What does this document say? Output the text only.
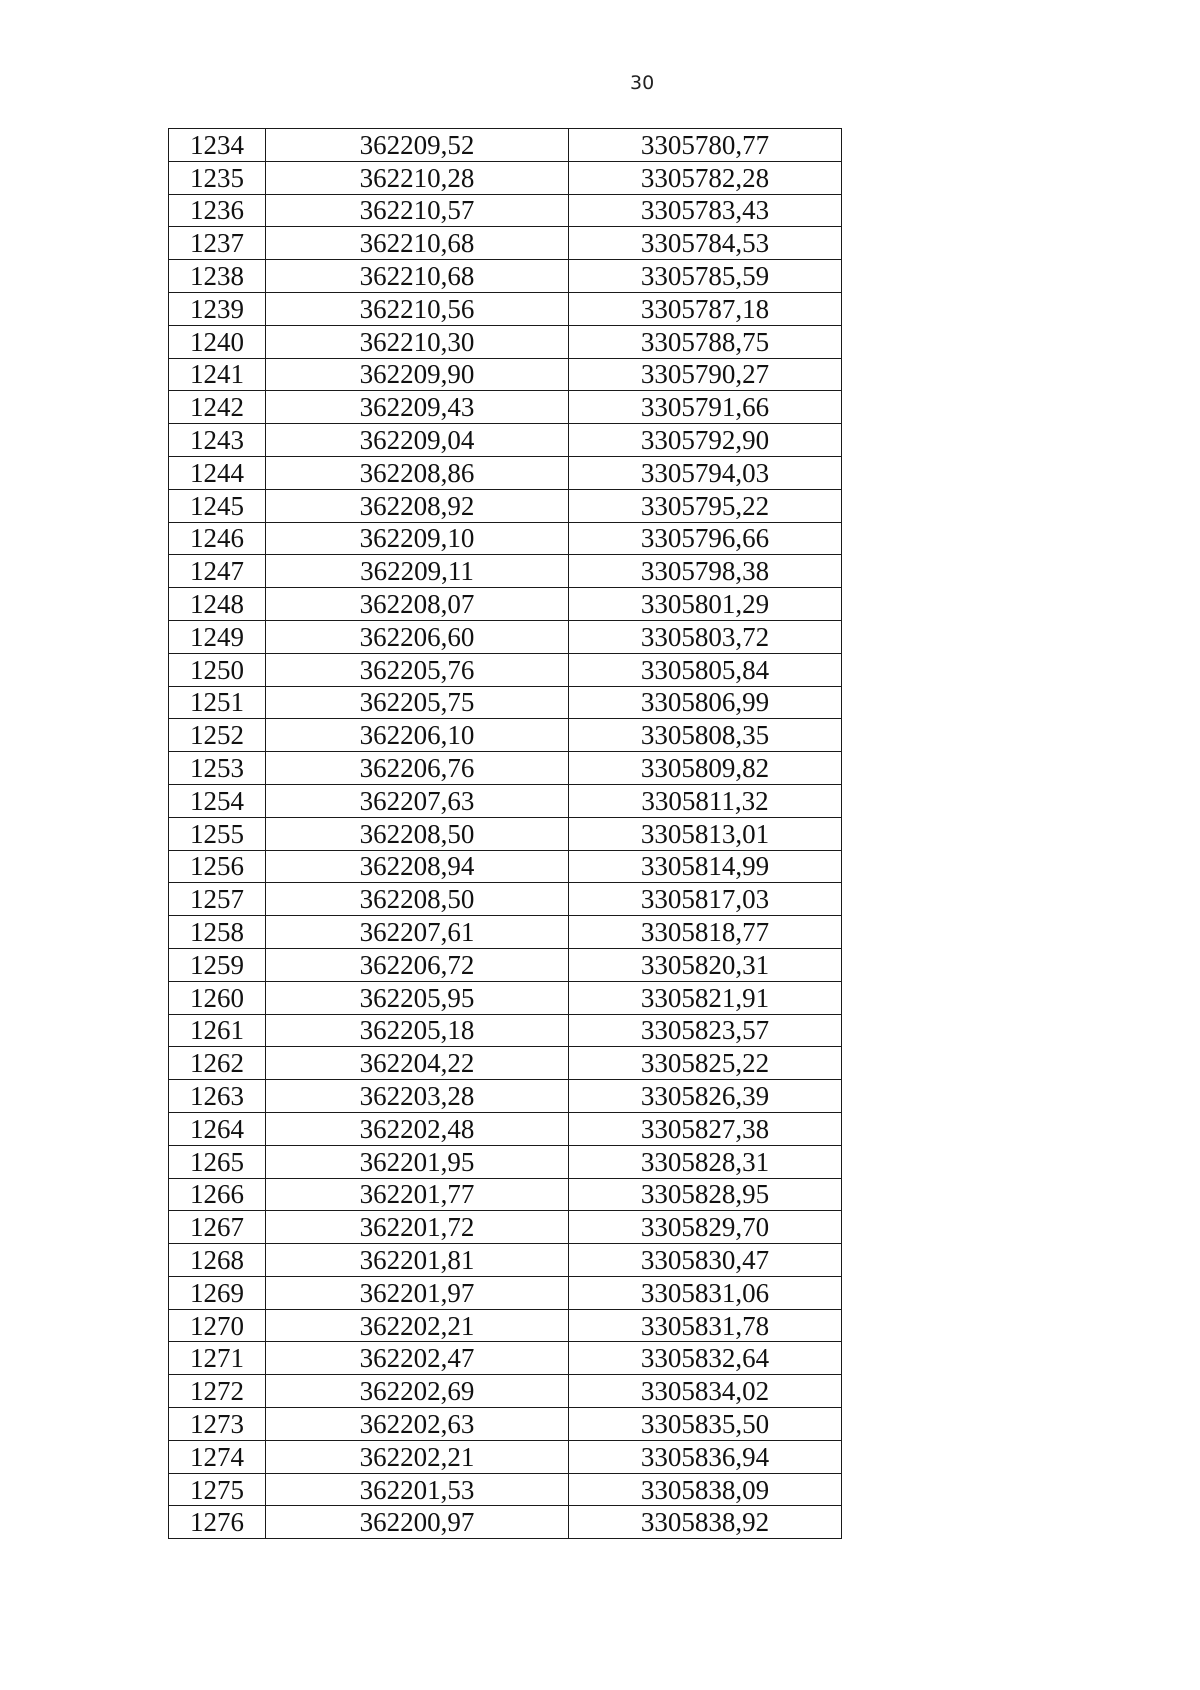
30
1234	362209,52	3305780,77
1235	362210,28	3305782,28
1236	362210,57	3305783,43
1237	362210,68	3305784,53
1238	362210,68	3305785,59
1239	362210,56	3305787,18
1240	362210,30	3305788,75
1241	362209,90	3305790,27
1242	362209,43	3305791,66
1243	362209,04	3305792,90
1244	362208,86	3305794,03
1245	362208,92	3305795,22
1246	362209,10	3305796,66
1247	362209,11	3305798,38
1248	362208,07	3305801,29
1249	362206,60	3305803,72
1250	362205,76	3305805,84
1251	362205,75	3305806,99
1252	362206,10	3305808,35
1253	362206,76	3305809,82
1254	362207,63	3305811,32
1255	362208,50	3305813,01
1256	362208,94	3305814,99
1257	362208,50	3305817,03
1258	362207,61	3305818,77
1259	362206,72	3305820,31
1260	362205,95	3305821,91
1261	362205,18	3305823,57
1262	362204,22	3305825,22
1263	362203,28	3305826,39
1264	362202,48	3305827,38
1265	362201,95	3305828,31
1266	362201,77	3305828,95
1267	362201,72	3305829,70
1268	362201,81	3305830,47
1269	362201,97	3305831,06
1270	362202,21	3305831,78
1271	362202,47	3305832,64
1272	362202,69	3305834,02
1273	362202,63	3305835,50
1274	362202,21	3305836,94
1275	362201,53	3305838,09
1276	362200,97	3305838,92
